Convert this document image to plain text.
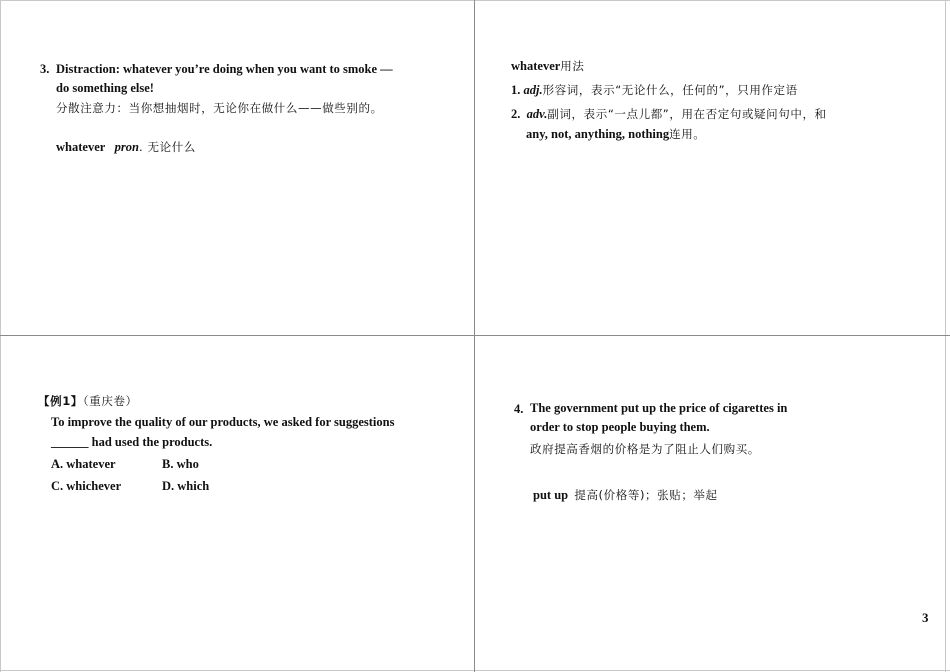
3. Distraction: whatever you’re doing when you want to smoke —
do something else!
分散注意力：当你想抽烟时，无论你在做什么——做些别的。
whatever pron. 无论什么
whatever用法
1. adj.形容词，表示“无论什么，任何的”，只用作定语
2. adv.副词，表示“一点儿都”，用在否定句或疑问句中，和
any, not, anything, nothing连用。
【例1】（重庆卷）
To improve the quality of our products, we asked for suggestions
______ had used the products.
A. whatever	B. who
C. whichever	D. which
4. The government put up the price of cigarettes in
order to stop people buying them.
政府提高香烟的价格是为了阻止人们购买。
put up 提高(价格等)；张贴；举起
3
